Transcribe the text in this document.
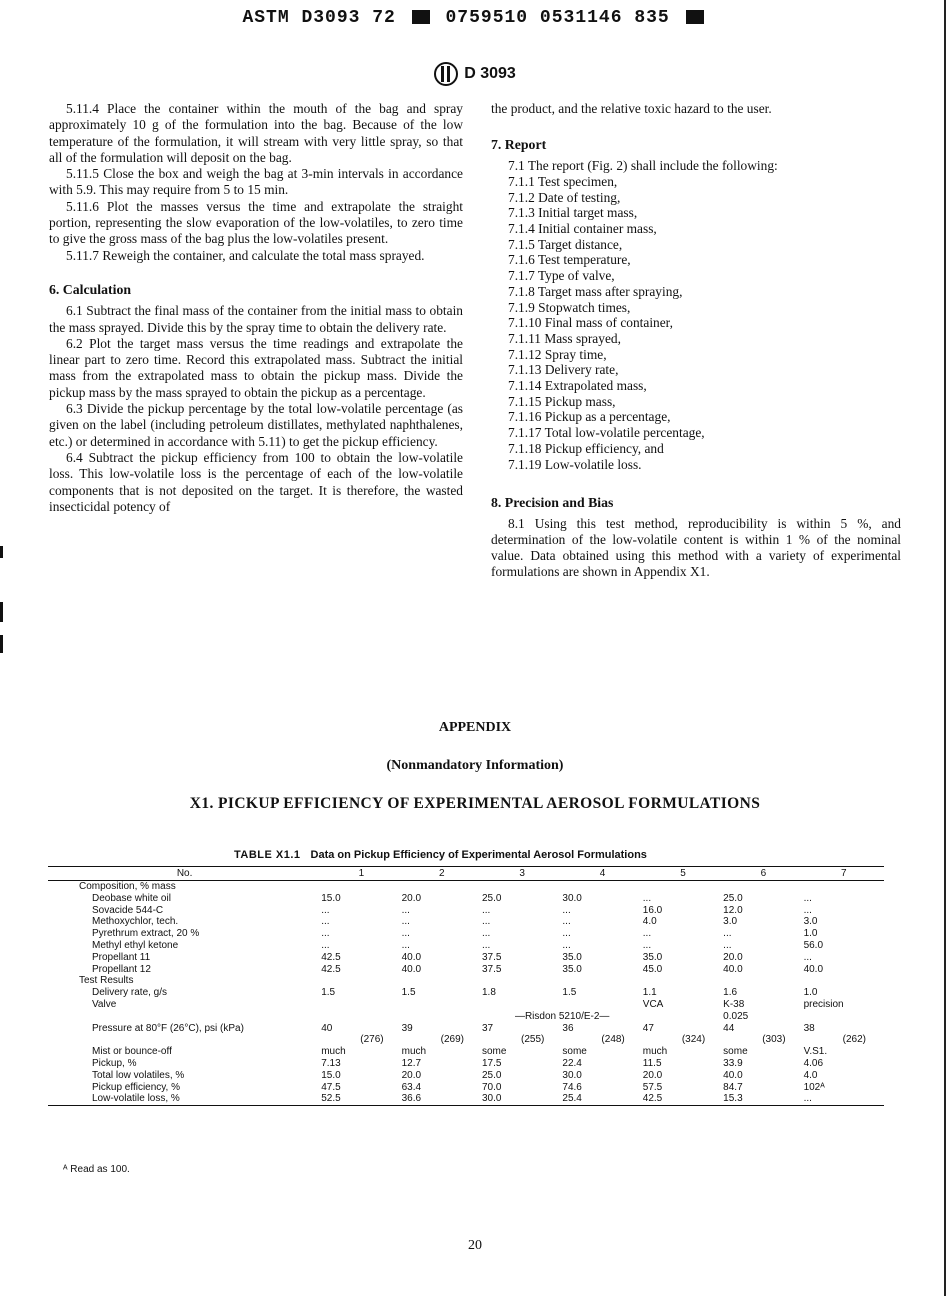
ASTM D3093 72	0759510 0531146 835
D 3093

5.11.4 Place the container within the mouth of the bag and spray approximately 10 g of the formulation into the bag. Because of the low temperature of the formulation, it will stream with very little spray, so that all of the formulation will deposit on the bag.

5.11.5 Close the box and weigh the bag at 3-min intervals in accordance with 5.9. This may require from 5 to 15 min.

5.11.6 Plot the masses versus the time and extrapolate the straight portion, representing the slow evaporation of the low-volatiles, to zero time to give the gross mass of the bag plus the low-volatiles present.

5.11.7 Reweigh the container, and calculate the total mass sprayed.

6. Calculation

6.1 Subtract the final mass of the container from the initial mass to obtain the mass sprayed. Divide this by the spray time to obtain the delivery rate.

6.2 Plot the target mass versus the time readings and extrapolate the linear part to zero time. Record this extrapolated mass. Subtract the initial mass from the extrapolated mass to obtain the pickup mass. Divide the pickup mass by the mass sprayed to obtain the pickup as a percentage.

6.3 Divide the pickup percentage by the total low-volatile percentage (as given on the label (including petroleum distillates, methylated naphthalenes, etc.) or determined in accordance with 5.11) to get the pickup efficiency.

6.4 Subtract the pickup efficiency from 100 to obtain the low-volatile loss. This low-volatile loss is the percentage of each of the low-volatile components that is not deposited on the target. It is therefore, the wasted insecticidal potency of

the product, and the relative toxic hazard to the user.

7. Report

7.1 The report (Fig. 2) shall include the following:

7.1.1 Test specimen,
7.1.2 Date of testing,
7.1.3 Initial target mass,
7.1.4 Initial container mass,
7.1.5 Target distance,
7.1.6 Test temperature,
7.1.7 Type of valve,
7.1.8 Target mass after spraying,
7.1.9 Stopwatch times,
7.1.10 Final mass of container,
7.1.11 Mass sprayed,
7.1.12 Spray time,
7.1.13 Delivery rate,
7.1.14 Extrapolated mass,
7.1.15 Pickup mass,
7.1.16 Pickup as a percentage,
7.1.17 Total low-volatile percentage,
7.1.18 Pickup efficiency, and
7.1.19 Low-volatile loss.
8. Precision and Bias

8.1 Using this test method, reproducibility is within 5 %, and determination of the low-volatile content is within 1 % of the nominal value. Data obtained using this method with a variety of experimental formulations are shown in Appendix X1.

APPENDIX
(Nonmandatory Information)
X1. PICKUP EFFICIENCY OF EXPERIMENTAL AEROSOL FORMULATIONS
TABLE X1.1 Data on Pickup Efficiency of Experimental Aerosol Formulations
No.	1	2	3	4	5	6	7
Composition, % mass							
Deobase white oil	15.0	20.0	25.0	30.0	...	25.0	...
Sovacide 544-C	...	...	...	...	16.0	12.0	...
Methoxychlor, tech.	...	...	...	...	4.0	3.0	3.0
Pyrethrum extract, 20 %	...	...	...	...	...	...	1.0
Methyl ethyl ketone	...	...	...	...	...	...	56.0
Propellant 11	42.5	40.0	37.5	35.0	35.0	20.0	...
Propellant 12	42.5	40.0	37.5	35.0	45.0	40.0	40.0
Test Results							
Delivery rate, g/s	1.5	1.5	1.8	1.5	1.1	1.6	1.0
Valve					VCA	K-38	precision
	—Risdon 5210/E-2—					0.025	
Pressure at 80°F (26°C), psi (kPa)	40	39	37	36	47	44	38
	(276)	(269)	(255)	(248)	(324)	(303)	(262)
Mist or bounce-off	much	much	some	some	much	some	V.S1.
Pickup, %	7.13	12.7	17.5	22.4	11.5	33.9	4.06
Total low volatiles, %	15.0	20.0	25.0	30.0	20.0	40.0	4.0
Pickup efficiency, %	47.5	63.4	70.0	74.6	57.5	84.7	102ᴬ
Low-volatile loss, %	52.5	36.6	30.0	25.4	42.5	15.3	...
ᴬ Read as 100.
20
